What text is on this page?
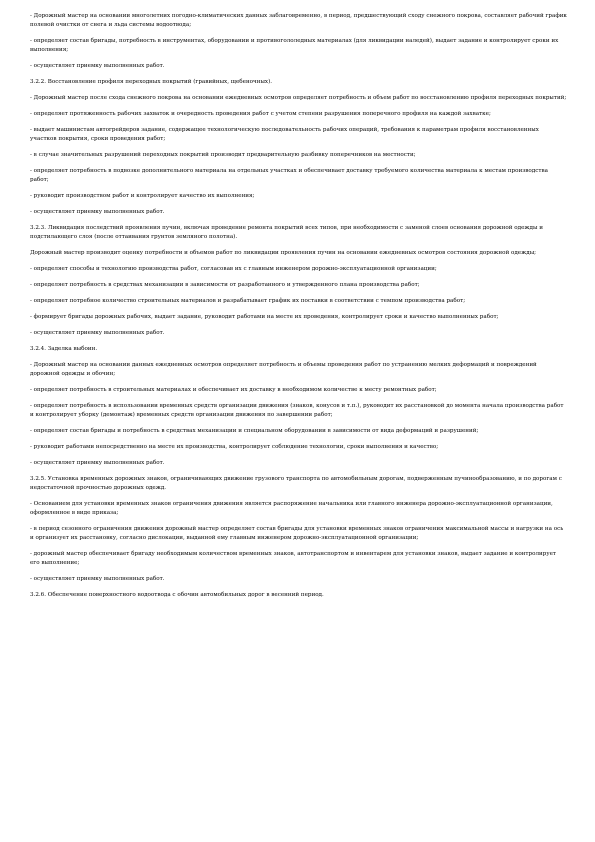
- Дорожный мастер на основании многолетних погодно-климатических данных заблаговременно, в период, предшествующий сходу снежного покрова, составляет рабочий график полевой очистки от снега и льда системы водоотвода;

- определяет состав бригады, потребность в инструментах, оборудовании и противогололедных материалах (для ликвидации наледей), выдает задание и контролирует сроки их выполнения;

- осуществляет приемку выполненных работ.

3.2.2. Восстановление профиля переходных покрытий (гравийных, щебеночных).

- Дорожный мастер после схода снежного покрова на основании ежедневных осмотров определяет потребность и объем работ по восстановлению профиля переходных покрытий;

- определяет протяженность рабочих захваток и очередность проведения работ с учетом степени разрушения поперечного профиля на каждой захватке;

- выдает машинистам автогрейдеров задание, содержащее технологическую последовательность рабочих операций, требования к параметрам профиля восстановленных участков покрытия, сроки проведения работ;

- в случае значительных разрушений переходных покрытий производит предварительную разбивку поперечников на местности;

- определяет потребность в подвозке дополнительного материала на отдельных участках и обеспечивает доставку требуемого количества материала к местам производства работ;

- руководит производством работ и контролирует качество их выполнения;

- осуществляет приемку выполненных работ.

3.2.3. Ликвидация последствий проявления пучин, включая проведение ремонта покрытий всех типов, при необходимости с заменой слоев основания дорожной одежды и подстилающего слоя (после оттаивания грунтов земляного полотна).

Дорожный мастер производит оценку потребности и объемов работ по ликвидации проявления пучин на основании ежедневных осмотров состояния дорожной одежды;

- определяет способы и технологию производства работ, согласовав их с главным инженером дорожно-эксплуатационной организации;

- определяет потребность в средствах механизации в зависимости от разработанного и утвержденного плана производства работ;

- определяет потребное количество строительных материалов и разрабатывает график их поставки в соответствии с темпом производства работ;

- формирует бригады дорожных рабочих, выдает задание, руководит работами на месте их проведения, контролирует сроки и качество выполненных работ;

- осуществляет приемку выполненных работ.

3.2.4. Заделка выбоин.

- Дорожный мастер на основании данных ежедневных осмотров определяет потребность и объемы проведения работ по устранению мелких деформаций и повреждений дорожной одежды и обочин;

- определяет потребность в строительных материалах и обеспечивает их доставку в необходимом количестве к месту ремонтных работ;

- определяет потребность в использовании временных средств организации движения (знаков, конусов и т.п.), руководит их расстановкой до момента начала производства работ и контролирует уборку (демонтаж) временных средств организации движения по завершении работ;

- определяет состав бригады и потребность в средствах механизации и специальном оборудовании в зависимости от вида деформаций и разрушений;

- руководит работами непосредственно на месте их производства, контролирует соблюдение технологии, сроки выполнения и качество;

- осуществляет приемку выполненных работ.

3.2.5. Установка временных дорожных знаков, ограничивающих движение грузового транспорта по автомобильным дорогам, подверженным пучинообразованию, и по дорогам с недостаточной прочностью дорожных одежд.

- Основанием для установки временных знаков ограничения движения является распоряжение начальника или главного инженера дорожно-эксплуатационной организации, оформленное в виде приказа;

- в период сезонного ограничения движения дорожный мастер определяет состав бригады для установки временных знаков ограничения максимальной массы и нагрузки на ось и организует их расстановку, согласно дислокации, выданной ему главным инженером дорожно-эксплуатационной организации;

- дорожный мастер обеспечивает бригаду необходимым количеством временных знаков, автотранспортом и инвентарем для установки знаков, выдает задание и контролирует его выполнение;

- осуществляет приемку выполненных работ.

3.2.6. Обеспечение поверхностного водоотвода с обочин автомобильных дорог в весенний период.
